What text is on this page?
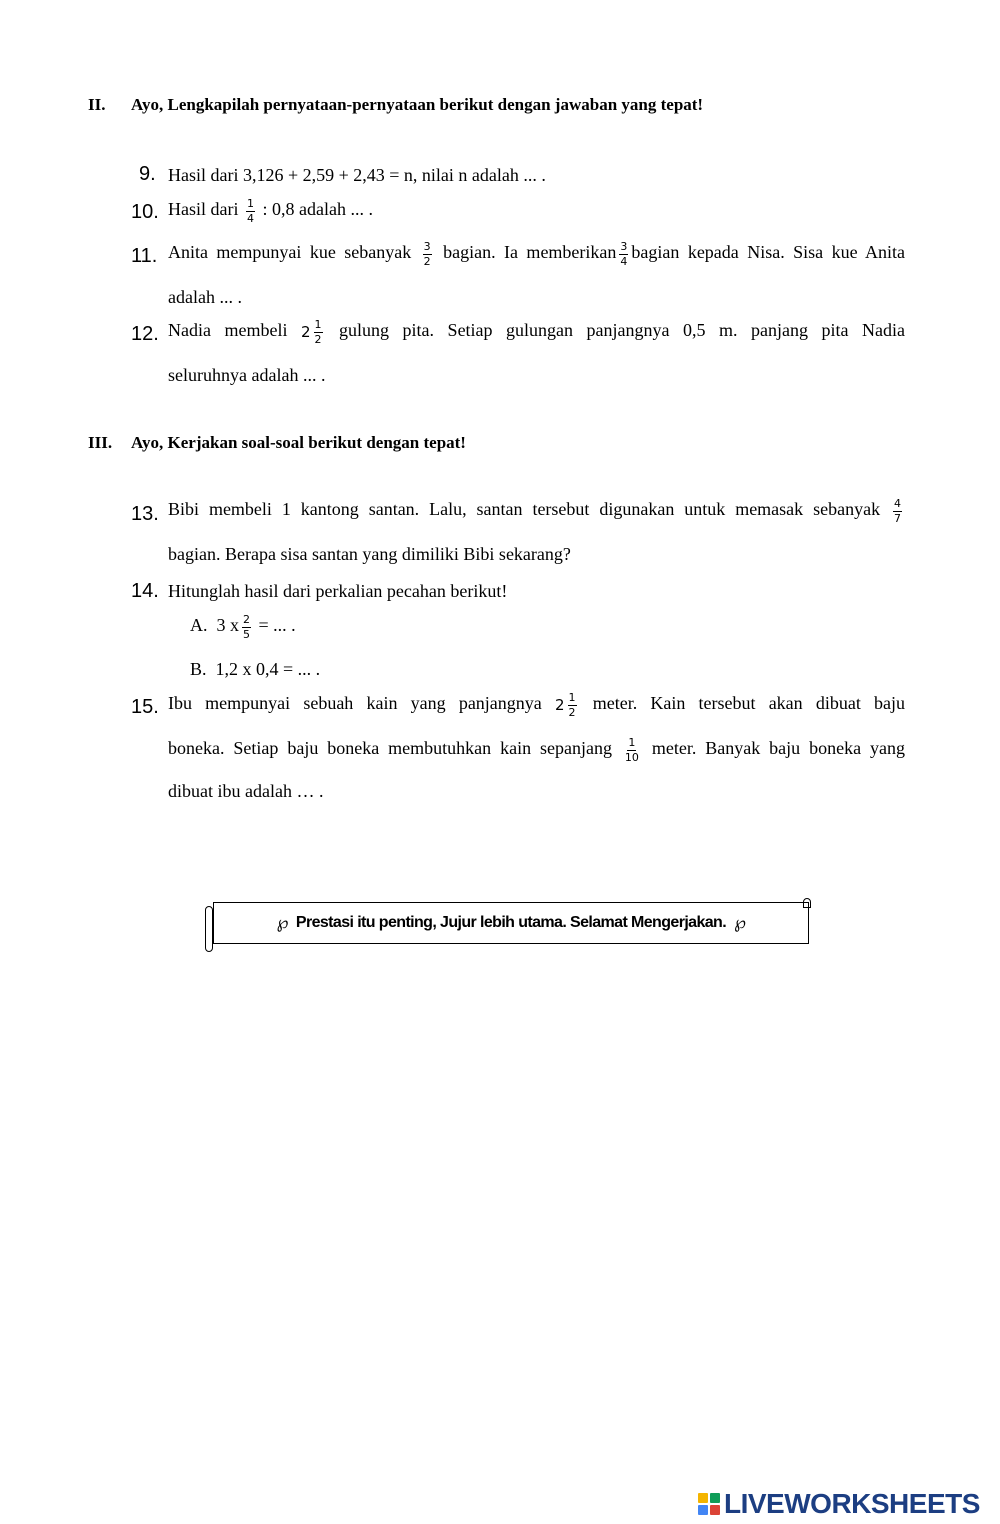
II. Ayo, Lengkapilah pernyataan-pernyataan berikut dengan jawaban yang tepat!
9. Hasil dari 3,126 + 2,59 + 2,43 = n, nilai n adalah ... .
10. Hasil dari $\frac{1}{4}$ : 0,8 adalah ... .
11. Anita mempunyai kue sebanyak $\frac{3}{2}$ bagian. Ia memberikan $\frac{3}{4}$ bagian kepada Nisa. Sisa kue Anita
adalah ... .
12. Nadia membeli $2 \frac{1}{2}$ gulung pita. Setiap gulungan panjangnya 0,5 m. panjang pita Nadia
seluruhnya adalah ... .
III. Ayo, Kerjakan soal-soal berikut dengan tepat!
13. Bibi membeli 1 kantong santan. Lalu, santan tersebut digunakan untuk memasak sebanyak $\frac{4}{7}$
bagian. Berapa sisa santan yang dimiliki Bibi sekarang?
14. Hitunglah hasil dari perkalian pecahan berikut!
A. 3 x $\frac{2}{5}$ = ... .
B. 1,2 x 0,4 = ... .
15. Ibu mempunyai sebuah kain yang panjangnya $2 \frac{1}{2}$ meter. Kain tersebut akan dibuat baju
boneka. Setiap baju boneka membutuhkan kain sepanjang $\frac{1}{10}$ meter. Banyak baju boneka yang
dibuat ibu adalah … .
℘ Prestasi itu penting, Jujur lebih utama. Selamat Mengerjakan. ℘
LIVEWORKSHEETS
